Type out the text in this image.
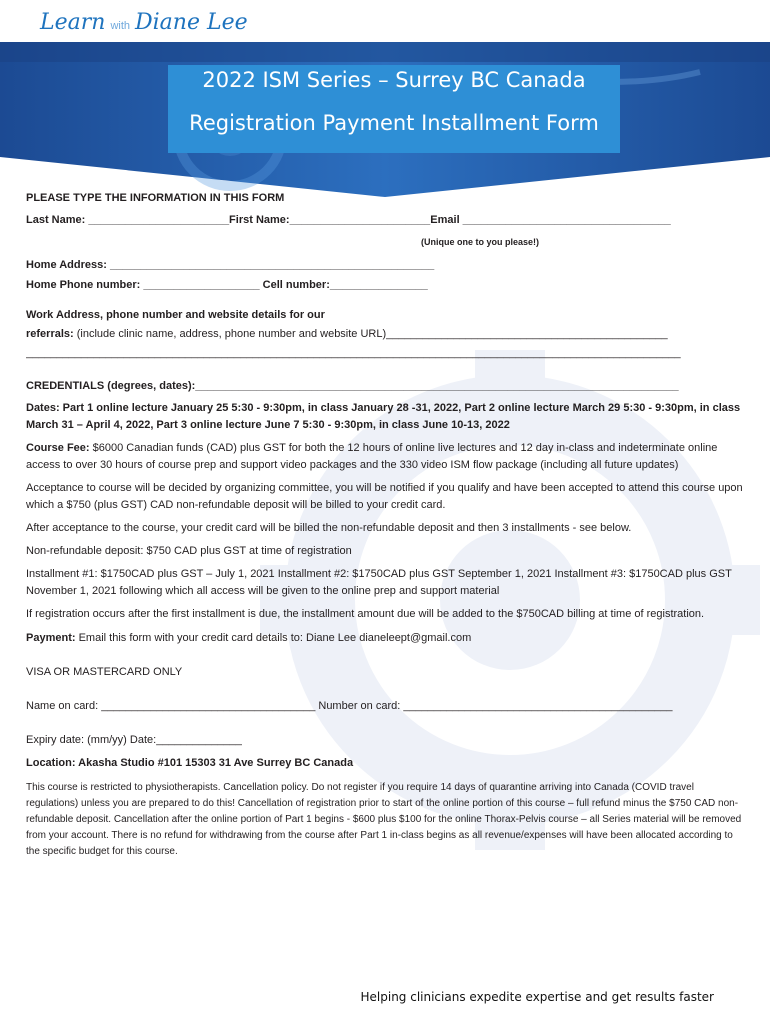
Learn with Diane Lee
2022 ISM Series – Surrey BC Canada
Registration Payment Installment Form
PLEASE TYPE THE INFORMATION IN THIS FORM
Last Name: _______________________First Name:_______________________Email __________________________________
(Unique one to you please!)
Home Address: _____________________________________________________
Home Phone number: ___________________ Cell number:________________
Work Address, phone number and website details for our
referrals: (include clinic name, address, phone number and website URL)______________________________________________
___________________________________________________________________________________________________________
CREDENTIALS (degrees, dates):_______________________________________________________________________________

Dates: Part 1 online lecture January 25 5:30 - 9:30pm, in class January 28 -31, 2022, Part 2 online lecture March 29 5:30 - 9:30pm, in class March 31 – April 4, 2022, Part 3 online lecture June 7 5:30 - 9:30pm, in class June 10-13, 2022

Course Fee: $6000 Canadian funds (CAD) plus GST for both the 12 hours of online live lectures and 12 day in-class and indeterminate online access to over 30 hours of course prep and support video packages and the 330 video ISM flow package (including all future updates)

Acceptance to course will be decided by organizing committee, you will be notified if you qualify and have been accepted to attend this course upon which a $750 (plus GST) CAD non-refundable deposit will be billed to your credit card.

After acceptance to the course, your credit card will be billed the non-refundable deposit and then 3 installments - see below.

Non-refundable deposit: $750 CAD plus GST at time of registration

Installment #1: $1750CAD plus GST – July 1, 2021 Installment #2: $1750CAD plus GST September 1, 2021 Installment #3: $1750CAD plus GST November 1, 2021 following which all access will be given to the online prep and support material

If registration occurs after the first installment is due, the installment amount due will be added to the $750CAD billing at time of registration.

Payment: Email this form with your credit card details to: Diane Lee dianeleept@gmail.com

VISA OR MASTERCARD ONLY

Name on card: ___________________________________ Number on card: ____________________________________________

Expiry date: (mm/yy) Date:______________

Location: Akasha Studio #101 15303 31 Ave Surrey BC Canada

This course is restricted to physiotherapists. Cancellation policy. Do not register if you require 14 days of quarantine arriving into Canada (COVID travel regulations) unless you are prepared to do this! Cancellation of registration prior to start of the online portion of this course – full refund minus the $750 CAD non-refundable deposit. Cancellation after the online portion of Part 1 begins - $600 plus $100 for the online Thorax-Pelvis course – all Series material will be removed from your account. There is no refund for withdrawing from the course after Part 1 in-class begins as all revenue/expenses will have been allocated according to the specific budget for this course.

Helping clinicians expedite expertise and get results faster
